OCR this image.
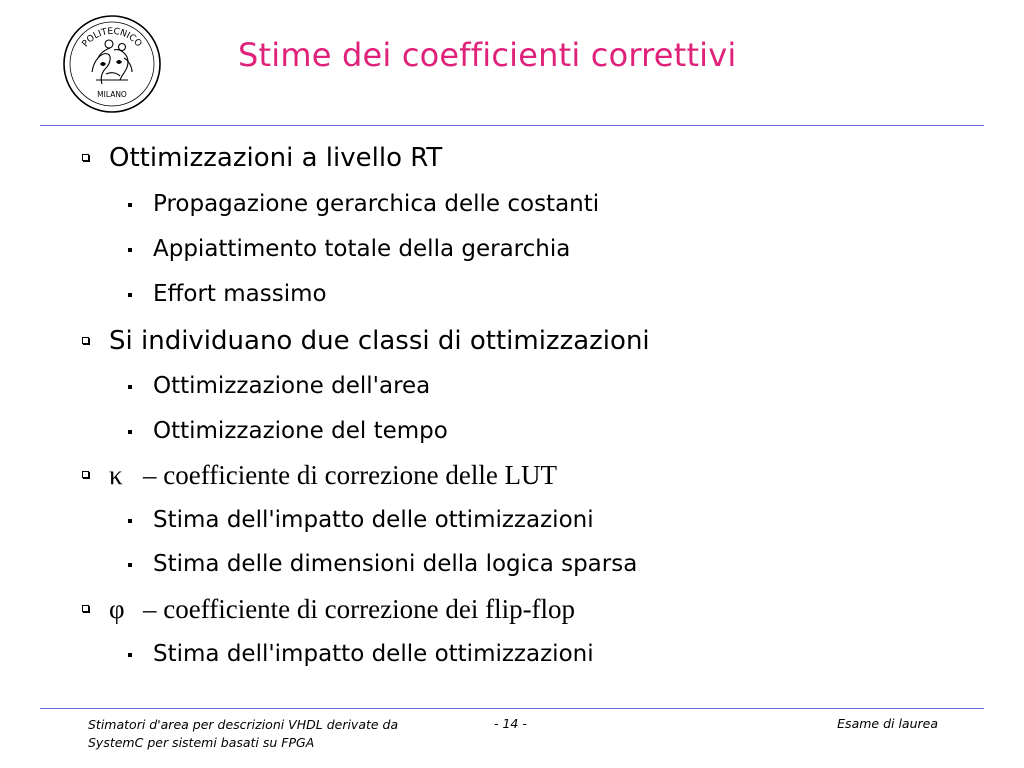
POLITECNICO
MILANO
Stime dei coefficienti correttivi
Ottimizzazioni a livello RT
Propagazione gerarchica delle costanti
Appiattimento totale della gerarchia
Effort massimo
Si individuano due classi di ottimizzazioni
Ottimizzazione dell'area
Ottimizzazione del tempo
κ – coefficiente di correzione delle LUT
Stima dell'impatto delle ottimizzazioni
Stima delle dimensioni della logica sparsa
φ – coefficiente di correzione dei flip-flop
Stima dell'impatto delle ottimizzazioni
Stimatori d'area per descrizioni VHDL derivate da
SystemC per sistemi basati su FPGA
- 14 -	Esame di laurea
